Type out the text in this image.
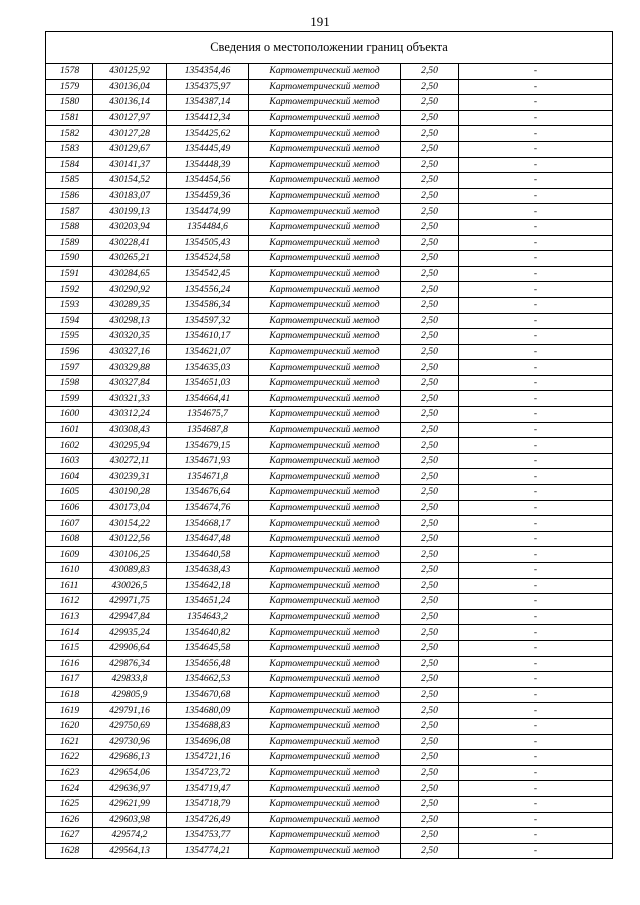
191
Сведения о местоположении границ объекта					
1578	430125,92	1354354,46	Картометрический метод	2,50	-
1579	430136,04	1354375,97	Картометрический метод	2,50	-
1580	430136,14	1354387,14	Картометрический метод	2,50	-
1581	430127,97	1354412,34	Картометрический метод	2,50	-
1582	430127,28	1354425,62	Картометрический метод	2,50	-
1583	430129,67	1354445,49	Картометрический метод	2,50	-
1584	430141,37	1354448,39	Картометрический метод	2,50	-
1585	430154,52	1354454,56	Картометрический метод	2,50	-
1586	430183,07	1354459,36	Картометрический метод	2,50	-
1587	430199,13	1354474,99	Картометрический метод	2,50	-
1588	430203,94	1354484,6	Картометрический метод	2,50	-
1589	430228,41	1354505,43	Картометрический метод	2,50	-
1590	430265,21	1354524,58	Картометрический метод	2,50	-
1591	430284,65	1354542,45	Картометрический метод	2,50	-
1592	430290,92	1354556,24	Картометрический метод	2,50	-
1593	430289,35	1354586,34	Картометрический метод	2,50	-
1594	430298,13	1354597,32	Картометрический метод	2,50	-
1595	430320,35	1354610,17	Картометрический метод	2,50	-
1596	430327,16	1354621,07	Картометрический метод	2,50	-
1597	430329,88	1354635,03	Картометрический метод	2,50	-
1598	430327,84	1354651,03	Картометрический метод	2,50	-
1599	430321,33	1354664,41	Картометрический метод	2,50	-
1600	430312,24	1354675,7	Картометрический метод	2,50	-
1601	430308,43	1354687,8	Картометрический метод	2,50	-
1602	430295,94	1354679,15	Картометрический метод	2,50	-
1603	430272,11	1354671,93	Картометрический метод	2,50	-
1604	430239,31	1354671,8	Картометрический метод	2,50	-
1605	430190,28	1354676,64	Картометрический метод	2,50	-
1606	430173,04	1354674,76	Картометрический метод	2,50	-
1607	430154,22	1354668,17	Картометрический метод	2,50	-
1608	430122,56	1354647,48	Картометрический метод	2,50	-
1609	430106,25	1354640,58	Картометрический метод	2,50	-
1610	430089,83	1354638,43	Картометрический метод	2,50	-
1611	430026,5	1354642,18	Картометрический метод	2,50	-
1612	429971,75	1354651,24	Картометрический метод	2,50	-
1613	429947,84	1354643,2	Картометрический метод	2,50	-
1614	429935,24	1354640,82	Картометрический метод	2,50	-
1615	429906,64	1354645,58	Картометрический метод	2,50	-
1616	429876,34	1354656,48	Картометрический метод	2,50	-
1617	429833,8	1354662,53	Картометрический метод	2,50	-
1618	429805,9	1354670,68	Картометрический метод	2,50	-
1619	429791,16	1354680,09	Картометрический метод	2,50	-
1620	429750,69	1354688,83	Картометрический метод	2,50	-
1621	429730,96	1354696,08	Картометрический метод	2,50	-
1622	429686,13	1354721,16	Картометрический метод	2,50	-
1623	429654,06	1354723,72	Картометрический метод	2,50	-
1624	429636,97	1354719,47	Картометрический метод	2,50	-
1625	429621,99	1354718,79	Картометрический метод	2,50	-
1626	429603,98	1354726,49	Картометрический метод	2,50	-
1627	429574,2	1354753,77	Картометрический метод	2,50	-
1628	429564,13	1354774,21	Картометрический метод	2,50	-
